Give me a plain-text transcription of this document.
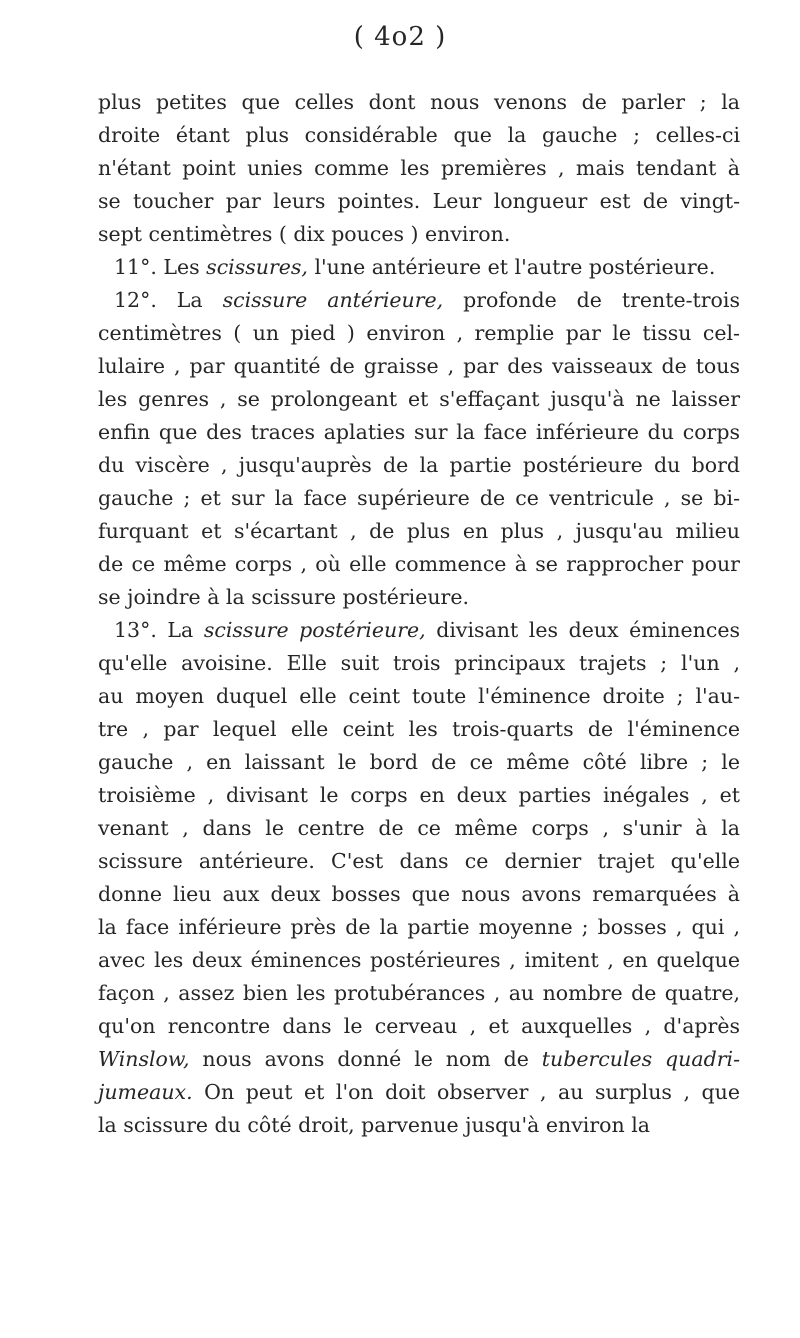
( 4o2 )
plus petites que celles dont nous venons de parler ; la
droite étant plus considérable que la gauche ; celles-ci
n'étant point unies comme les premières , mais tendant à
se toucher par leurs pointes. Leur longueur est de vingt-
sept centimètres ( dix pouces ) environ.
11°. Les scissures, l'une antérieure et l'autre postérieure.
12°. La scissure antérieure, profonde de trente-trois
centimètres ( un pied ) environ , remplie par le tissu cel-
lulaire , par quantité de graisse , par des vaisseaux de tous
les genres , se prolongeant et s'effaçant jusqu'à ne laisser
enfin que des traces aplaties sur la face inférieure du corps
du viscère , jusqu'auprès de la partie postérieure du bord
gauche ; et sur la face supérieure de ce ventricule , se bi-
furquant et s'écartant , de plus en plus , jusqu'au milieu
de ce même corps , où elle commence à se rapprocher pour
se joindre à la scissure postérieure.
13°. La scissure postérieure, divisant les deux éminences
qu'elle avoisine. Elle suit trois principaux trajets ; l'un ,
au moyen duquel elle ceint toute l'éminence droite ; l'au-
tre , par lequel elle ceint les trois-quarts de l'éminence
gauche , en laissant le bord de ce même côté libre ; le
troisième , divisant le corps en deux parties inégales , et
venant , dans le centre de ce même corps , s'unir à la
scissure antérieure. C'est dans ce dernier trajet qu'elle
donne lieu aux deux bosses que nous avons remarquées à
la face inférieure près de la partie moyenne ; bosses , qui ,
avec les deux éminences postérieures , imitent , en quelque
façon , assez bien les protubérances , au nombre de quatre,
qu'on rencontre dans le cerveau , et auxquelles , d'après
Winslow, nous avons donné le nom de tubercules quadri-
jumeaux. On peut et l'on doit observer , au surplus , que
la scissure du côté droit, parvenue jusqu'à environ la
